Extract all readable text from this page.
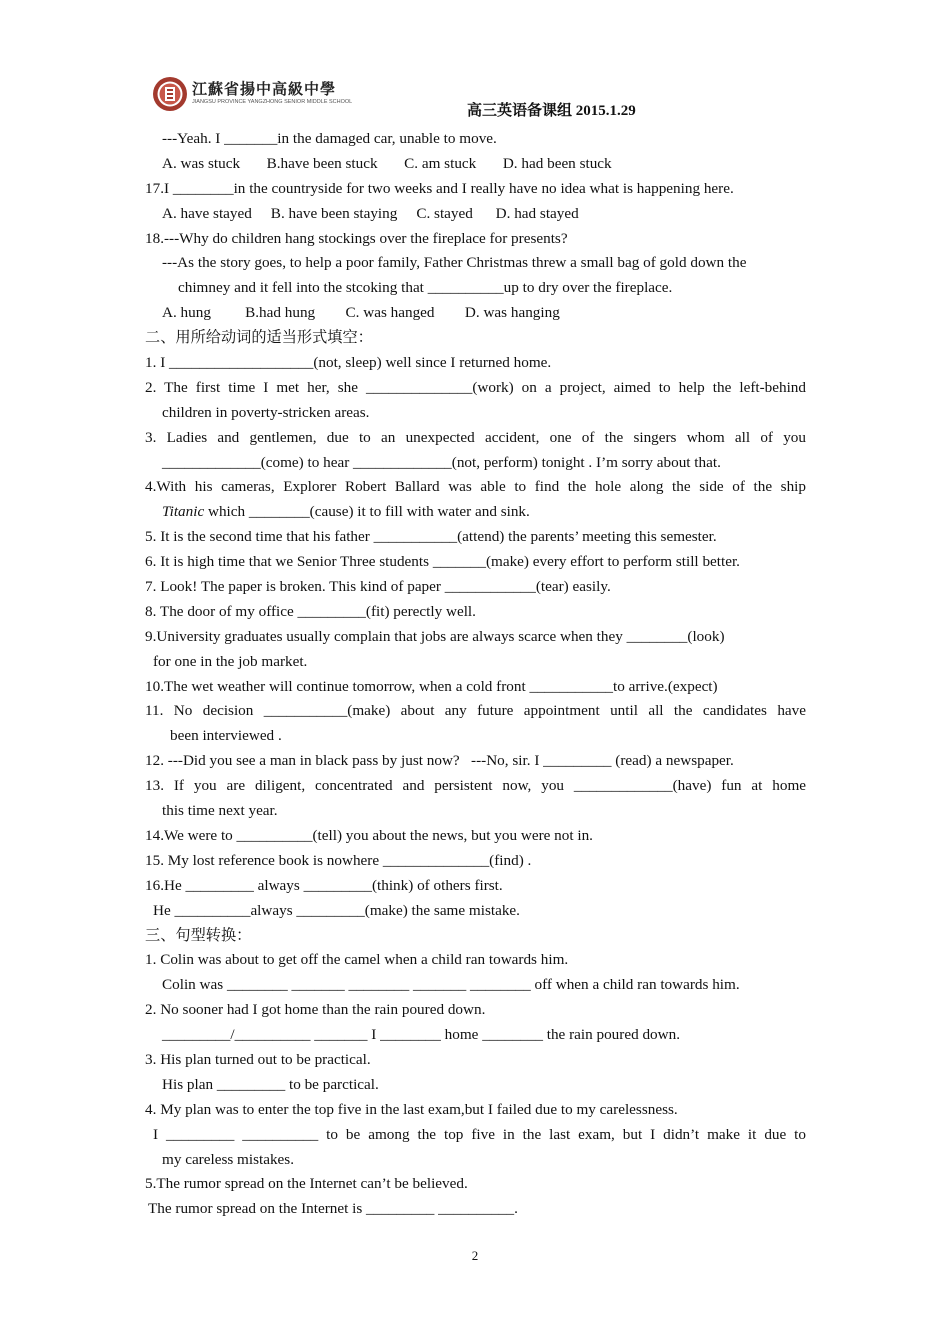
江蘇省揚中高級中學
JIANGSU PROVINCE YANGZHONG SENIOR MIDDLE SCHOOL
高三英语备课组 2015.1.29
---Yeah. I _______in the damaged car, unable to move.
A. was stuck       B.have been stuck       C. am stuck       D. had been stuck
17.I ________in the countryside for two weeks and I really have no idea what is happening here.
A. have stayed     B. have been staying     C. stayed      D. had stayed
18.---Why do children hang stockings over the fireplace for presents?
---As the story goes, to help a poor family, Father Christmas threw a small bag of gold down the
chimney and it fell into the stcoking that __________up to dry over the fireplace.
A. hung         B.had hung        C. was hanged        D. was hanging
二、用所给动词的适当形式填空：
1. I ___________________(not, sleep) well since I returned home.
2. The first time I met her, she ______________(work) on a project, aimed to help the left-behind
children in poverty-stricken areas.
3. Ladies and gentlemen, due to an unexpected accident, one of the singers whom all of you
_____________(come) to hear _____________(not, perform) tonight . I’m sorry about that.
4.With his cameras, Explorer Robert Ballard was able to find the hole along the side of the ship
Titanic which ________(cause) it to fill with water and sink.
5. It is the second time that his father ___________(attend) the parents’ meeting this semester.
6. It is high time that we Senior Three students _______(make) every effort to perform still better.
7. Look! The paper is broken. This kind of paper ____________(tear) easily.
8. The door of my office _________(fit) perectly well.
9.University graduates usually complain that jobs are always scarce when they ________(look)
for one in the job market.
10.The wet weather will continue tomorrow, when a cold front ___________to arrive.(expect)
11. No decision ___________(make) about any future appointment until all the candidates have
been interviewed .
12. ---Did you see a man in black pass by just now?   ---No, sir. I _________ (read) a newspaper.
13. If you are diligent, concentrated and persistent now, you _____________(have) fun at home
this time next year.
14.We were to __________(tell) you about the news, but you were not in.
15. My lost reference book is nowhere ______________(find) .
16.He _________ always _________(think) of others first.
He __________always _________(make) the same mistake.
三、句型转换：
1. Colin was about to get off the camel when a child ran towards him.
Colin was ________ _______ ________ _______ ________ off when a child ran towards him.
2. No sooner had I got home than the rain poured down.
_________/__________ _______ I ________ home ________ the rain poured down.
3. His plan turned out to be practical.
His plan _________ to be parctical.
4. My plan was to enter the top five in the last exam,but I failed due to my carelessness.
I _________ __________ to be among the top five in the last exam, but I didn’t make it due to
my careless mistakes.
5.The rumor spread on the Internet can’t be believed.
The rumor spread on the Internet is _________ __________.
2
